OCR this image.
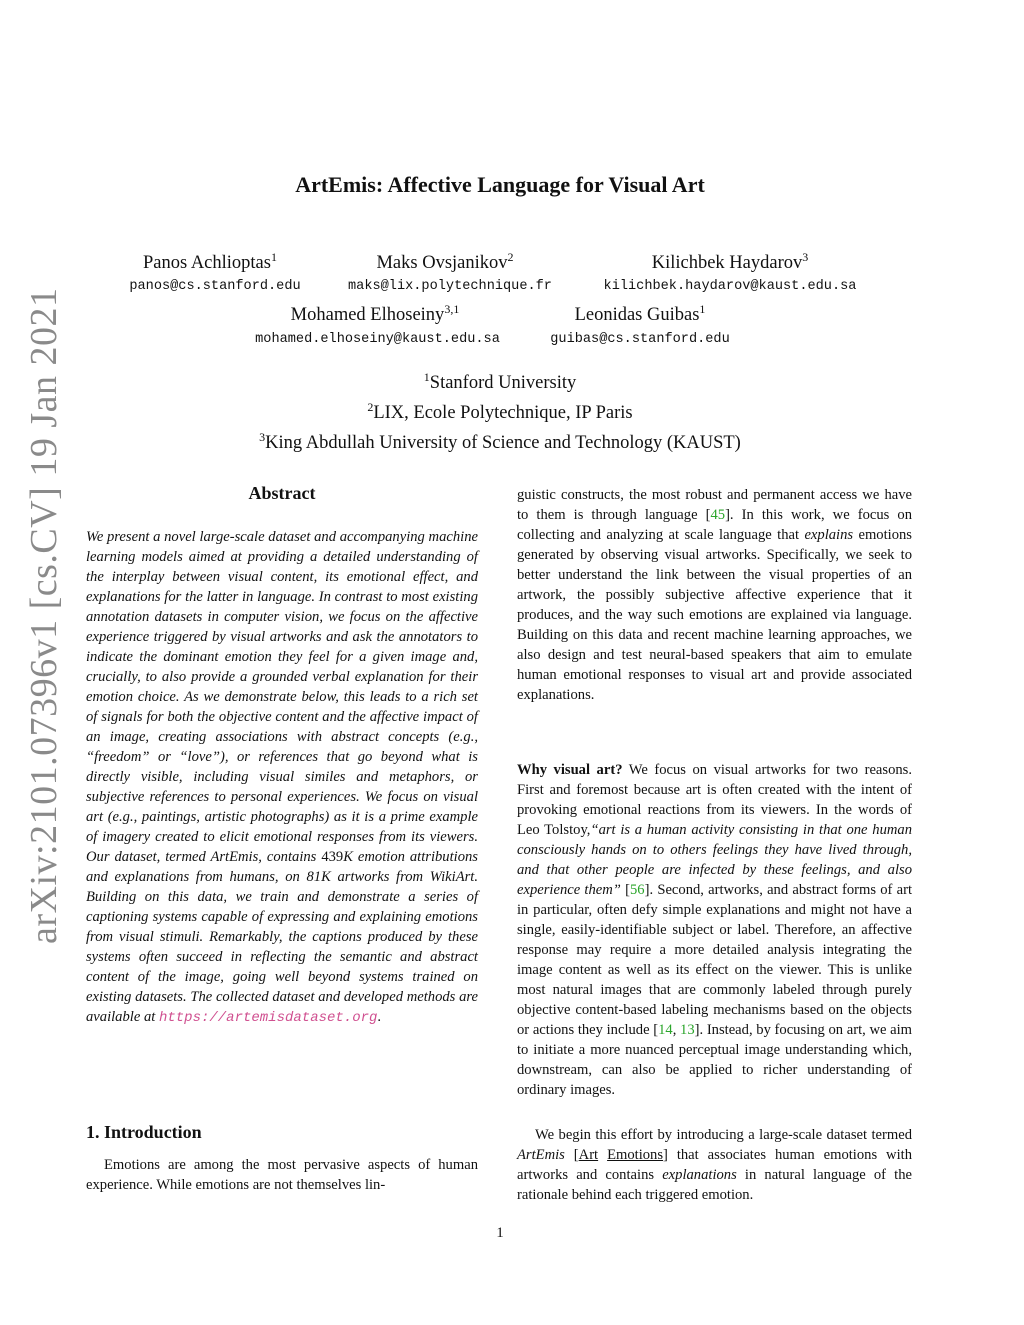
arXiv:2101.07396v1 [cs.CV] 19 Jan 2021
ArtEmis: Affective Language for Visual Art
Panos Achlioptas$^1$
panos@cs.stanford.edu
Maks Ovsjanikov$^2$
maks@lix.polytechnique.fr
Kilichbek Haydarov$^3$
kilichbek.haydarov@kaust.edu.sa
Mohamed Elhoseiny$^{3,1}$
mohamed.elhoseiny@kaust.edu.sa
Leonidas Guibas$^1$
guibas@cs.stanford.edu
$^1$Stanford University
$^2$LIX, Ecole Polytechnique, IP Paris
$^3$King Abdullah University of Science and Technology (KAUST)
Abstract

We present a novel large-scale dataset and accompanying machine learning models aimed at providing a detailed understanding of the interplay between visual content, its emotional effect, and explanations for the latter in language. In contrast to most existing annotation datasets in computer vision, we focus on the affective experience triggered by visual artworks and ask the annotators to indicate the dominant emotion they feel for a given image and, crucially, to also provide a grounded verbal explanation for their emotion choice. As we demonstrate below, this leads to a rich set of signals for both the objective content and the affective impact of an image, creating associations with abstract concepts (e.g., “freedom” or “love”), or references that go beyond what is directly visible, including visual similes and metaphors, or subjective references to personal experiences. We focus on visual art (e.g., paintings, artistic photographs) as it is a prime example of imagery created to elicit emotional responses from its viewers. Our dataset, termed ArtEmis, contains 439K emotion attributions and explanations from humans, on 81K artworks from WikiArt. Building on this data, we train and demonstrate a series of captioning systems capable of expressing and explaining emotions from visual stimuli. Remarkably, the captions produced by these systems often succeed in reflecting the semantic and abstract content of the image, going well beyond systems trained on existing datasets. The collected dataset and developed methods are available at https://artemisdataset.org.

1. Introduction

Emotions are among the most pervasive aspects of human experience. While emotions are not themselves lin-

guistic constructs, the most robust and permanent access we have to them is through language [45]. In this work, we focus on collecting and analyzing at scale language that explains emotions generated by observing visual artworks. Specifically, we seek to better understand the link between the visual properties of an artwork, the possibly subjective affective experience that it produces, and the way such emotions are explained via language. Building on this data and recent machine learning approaches, we also design and test neural-based speakers that aim to emulate human emotional responses to visual art and provide associated explanations.

Why visual art? We focus on visual artworks for two reasons. First and foremost because art is often created with the intent of provoking emotional reactions from its viewers. In the words of Leo Tolstoy,“art is a human activity consisting in that one human consciously hands on to others feelings they have lived through, and that other people are infected by these feelings, and also experience them” [56]. Second, artworks, and abstract forms of art in particular, often defy simple explanations and might not have a single, easily-identifiable subject or label. Therefore, an affective response may require a more detailed analysis integrating the image content as well as its effect on the viewer. This is unlike most natural images that are commonly labeled through purely objective content-based labeling mechanisms based on the objects or actions they include [14, 13]. Instead, by focusing on art, we aim to initiate a more nuanced perceptual image understanding which, downstream, can also be applied to richer understanding of ordinary images.

We begin this effort by introducing a large-scale dataset termed ArtEmis [Art Emotions] that associates human emotions with artworks and contains explanations in natural language of the rationale behind each triggered emotion.

1
